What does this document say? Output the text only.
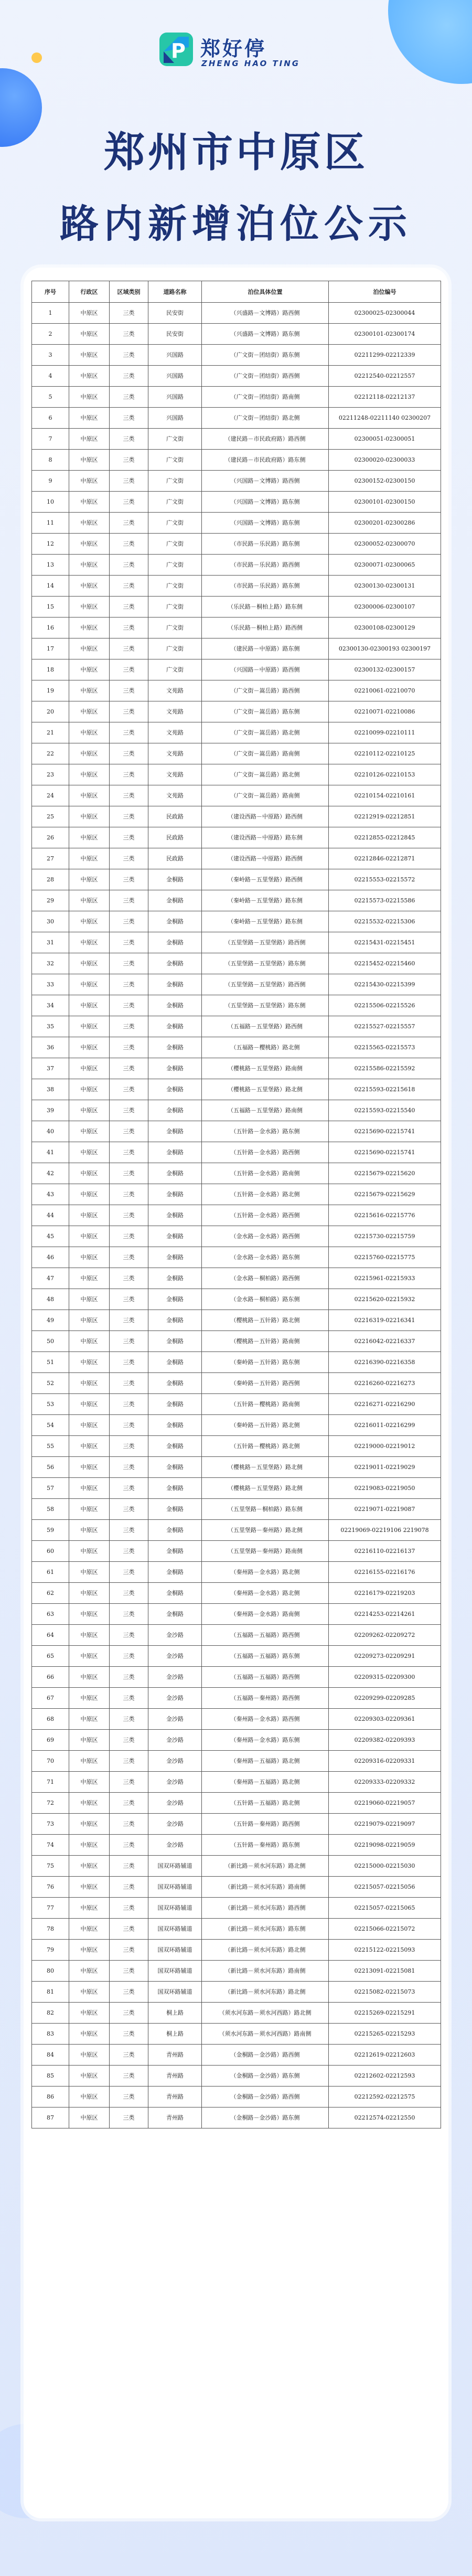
P 郑好停
ZHENG HAO TING
郑州市中原区
路内新增泊位公示
序号	行政区	区域类别	道路名称	泊位具体位置	泊位编号
1	中原区	三类	民安街	（兴盛路－文博路）路西侧	02300025-02300044
2	中原区	三类	民安街	（兴盛路－文博路）路东侧	02300101-02300174
3	中原区	三类	兴国路	（广文街－团结街）路东侧	02211299-02212339
4	中原区	三类	兴国路	（广文街－团结街）路西侧	02212540-02212557
5	中原区	三类	兴国路	（广文街－团结街）路南侧	02212118-02212137
6	中原区	三类	兴国路	（广文街－团结街）路北侧	02211248-02211140 02300207
7	中原区	三类	广文街	（建民路－市民政府路）路西侧	02300051-02300051
8	中原区	三类	广文街	（建民路－市民政府路）路东侧	02300020-02300033
9	中原区	三类	广文街	（兴国路－文博路）路西侧	02300152-02300150
10	中原区	三类	广文街	（兴国路－文博路）路东侧	02300101-02300150
11	中原区	三类	广文街	（兴国路－文博路）路东侧	02300201-02300286
12	中原区	三类	广文街	（市民路－乐民路）路东侧	02300052-02300070
13	中原区	三类	广文街	（市民路－乐民路）路西侧	02300071-02300065
14	中原区	三类	广文街	（市民路－乐民路）路东侧	02300130-02300131
15	中原区	三类	广文街	（乐民路－桐柏上路）路东侧	02300006-02300107
16	中原区	三类	广文街	（乐民路－桐柏上路）路西侧	02300108-02300129
17	中原区	三类	广文街	（建民路－中原路）路东侧	02300130-02300193 02300197
18	中原区	三类	广文街	（兴国路－中原路）路西侧	02300132-02300157
19	中原区	三类	文苑路	（广文街－嵩岳路）路西侧	02210061-02210070
20	中原区	三类	文苑路	（广文街－嵩岳路）路东侧	02210071-02210086
21	中原区	三类	文苑路	（广文街－嵩岳路）路北侧	02210099-02210111
22	中原区	三类	文苑路	（广文街－嵩岳路）路南侧	02210112-02210125
23	中原区	三类	文苑路	（广文街－嵩岳路）路北侧	02210126-02210153
24	中原区	三类	文苑路	（广文街－嵩岳路）路南侧	02210154-02210161
25	中原区	三类	民政路	（建设西路－中原路）路西侧	02212919-02212851
26	中原区	三类	民政路	（建设西路－中原路）路东侧	02212855-02212845
27	中原区	三类	民政路	（建设西路－中原路）路西侧	02212846-02212871
28	中原区	三类	金桐路	（秦岭路－五里堡路）路西侧	02215553-02215572
29	中原区	三类	金桐路	（秦岭路－五里堡路）路东侧	02215573-02215586
30	中原区	三类	金桐路	（秦岭路－五里堡路）路东侧	02215532-02215306
31	中原区	三类	金桐路	（五里堡路－五里堡路）路西侧	02215431-02215451
32	中原区	三类	金桐路	（五里堡路－五里堡路）路东侧	02215452-02215460
33	中原区	三类	金桐路	（五里堡路－五里堡路）路西侧	02215430-02215399
34	中原区	三类	金桐路	（五里堡路－五里堡路）路东侧	02215506-02215526
35	中原区	三类	金桐路	（五福路－五里堡路）路西侧	02215527-02215557
36	中原区	三类	金桐路	（五福路－樱桃路）路北侧	02215565-02215573
37	中原区	三类	金桐路	（樱桃路－五里堡路）路南侧	02215586-02215592
38	中原区	三类	金桐路	（樱桃路－五里堡路）路北侧	02215593-02215618
39	中原区	三类	金桐路	（五福路－五里堡路）路南侧	02215593-02215540
40	中原区	三类	金桐路	（五针路－金水路）路东侧	02215690-02215741
41	中原区	三类	金桐路	（五针路－金水路）路西侧	02215690-02215741
42	中原区	三类	金桐路	（五针路－金水路）路南侧	02215679-02215620
43	中原区	三类	金桐路	（五针路－金水路）路北侧	02215679-02215629
44	中原区	三类	金桐路	（五针路－金水路）路西侧	02215616-02215776
45	中原区	三类	金桐路	（金水路－金水路）路西侧	02215730-02215759
46	中原区	三类	金桐路	（金水路－金水路）路东侧	02215760-02215775
47	中原区	三类	金桐路	（金水路－桐柏路）路西侧	02215961-02215933
48	中原区	三类	金桐路	（金水路－桐柏路）路东侧	02215620-02215932
49	中原区	三类	金桐路	（樱桃路－五针路）路北侧	02216319-02216341
50	中原区	三类	金桐路	（樱桃路－五针路）路南侧	02216042-02216337
51	中原区	三类	金桐路	（秦岭路－五针路）路东侧	02216390-02216358
52	中原区	三类	金桐路	（秦岭路－五针路）路西侧	02216260-02216273
53	中原区	三类	金桐路	（五针路－樱桃路）路南侧	02216271-02216290
54	中原区	三类	金桐路	（秦岭路－五针路）路北侧	02216011-02216299
55	中原区	三类	金桐路	（五针路－樱桃路）路北侧	02219000-02219012
56	中原区	三类	金桐路	（樱桃路－五里堡路）路北侧	02219011-02219029
57	中原区	三类	金桐路	（樱桃路－五里堡路）路北侧	02219083-02219050
58	中原区	三类	金桐路	（五里堡路－桐柏路）路东侧	02219071-02219087
59	中原区	三类	金桐路	（五里堡路－秦州路）路北侧	02219069-02219106 2219078
60	中原区	三类	金桐路	（五里堡路－秦州路）路南侧	02216110-02216137
61	中原区	三类	金桐路	（秦州路－金水路）路北侧	02216155-02216176
62	中原区	三类	金桐路	（秦州路－金水路）路北侧	02216179-02219203
63	中原区	三类	金桐路	（秦州路－金水路）路南侧	02214253-02214261
64	中原区	三类	金沙路	（五福路－五福路）路西侧	02209262-02209272
65	中原区	三类	金沙路	（五福路－五福路）路东侧	02209273-02209291
66	中原区	三类	金沙路	（五福路－五福路）路西侧	02209315-02209300
67	中原区	三类	金沙路	（五福路－秦州路）路西侧	02209299-02209285
68	中原区	三类	金沙路	（秦州路－金水路）路西侧	02209303-02209361
69	中原区	三类	金沙路	（秦州路－金水路）路东侧	02209382-02209393
70	中原区	三类	金沙路	（秦州路－五福路）路北侧	02209316-02209331
71	中原区	三类	金沙路	（秦州路－五福路）路北侧	02209333-02209332
72	中原区	三类	金沙路	（五针路－五福路）路北侧	02219060-02219057
73	中原区	三类	金沙路	（五针路－秦州路）路西侧	02219079-02219097
74	中原区	三类	金沙路	（五针路－秦州路）路东侧	02219098-02219059
75	中原区	三类	国双环路辅道	（新比路－须水河东路）路北侧	02215000-02215030
76	中原区	三类	国双环路辅道	（新比路－须水河东路）路南侧	02215057-02215056
77	中原区	三类	国双环路辅道	（新比路－须水河东路）路西侧	02215057-02215065
78	中原区	三类	国双环路辅道	（新比路－须水河东路）路东侧	02215066-02215072
79	中原区	三类	国双环路辅道	（新比路－须水河东路）路北侧	02215122-02215093
80	中原区	三类	国双环路辅道	（新比路－须水河东路）路南侧	02213091-02215081
81	中原区	三类	国双环路辅道	（新比路－须水河东路）路北侧	02215082-02215073
82	中原区	三类	桐上路	（须水河东路－须水河西路）路北侧	02215269-02215291
83	中原区	三类	桐上路	（须水河东路－须水河西路）路南侧	02215265-02215293
84	中原区	三类	青州路	（金桐路－金沙路）路西侧	02212619-02212603
85	中原区	三类	青州路	（金桐路－金沙路）路东侧	02212602-02212593
86	中原区	三类	青州路	（金桐路－金沙路）路西侧	02212592-02212575
87	中原区	三类	青州路	（金桐路－金沙路）路东侧	02212574-02212550
